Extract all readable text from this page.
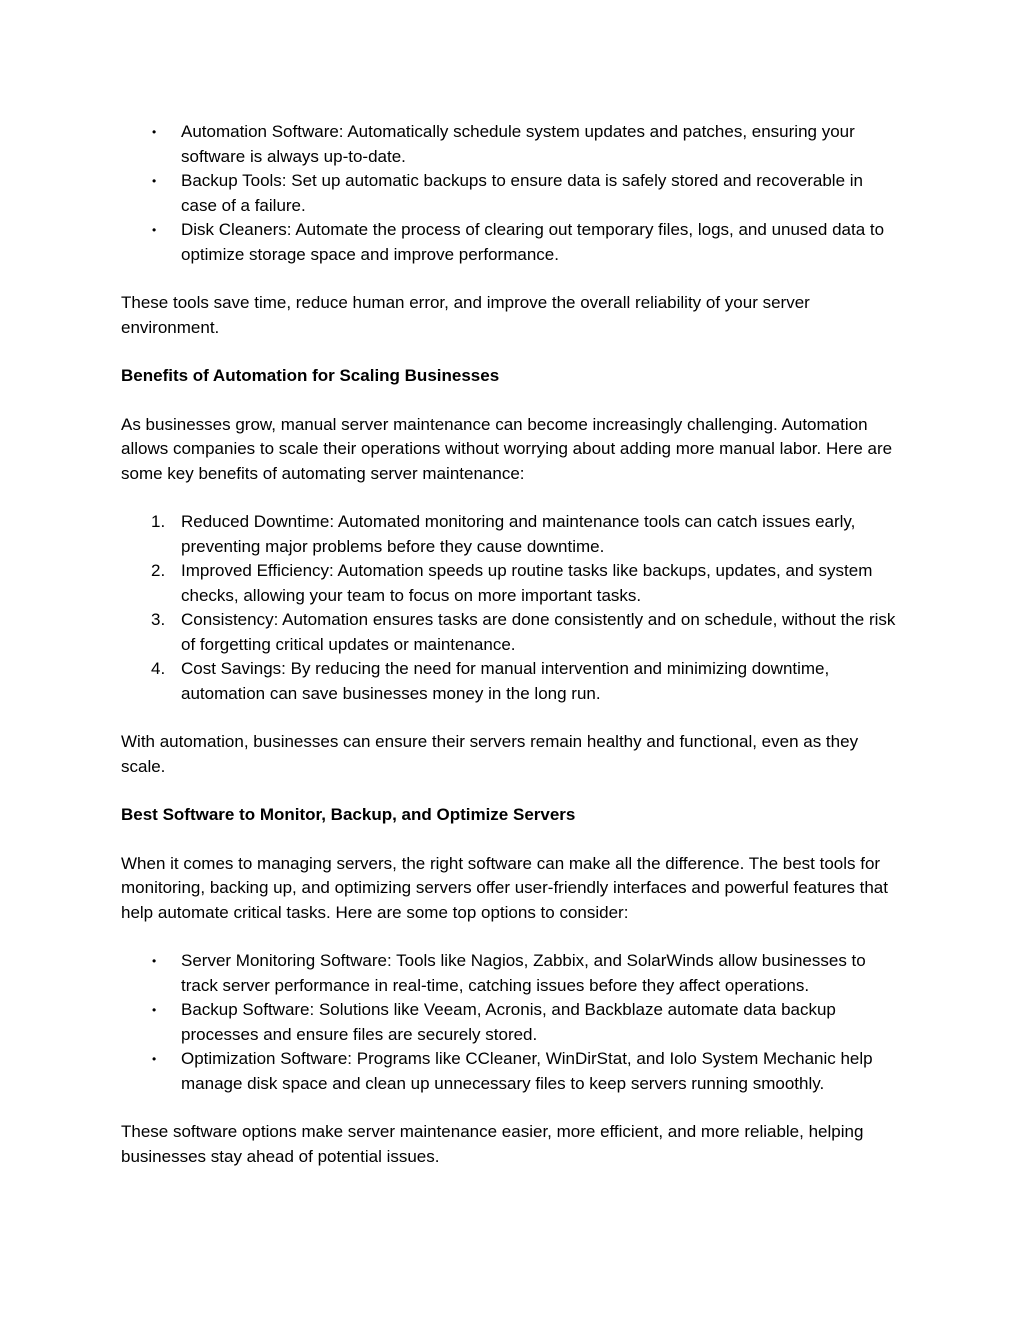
• Automation Software: Automatically schedule system updates and patches, ensuring your software is always up-to-date.
• Backup Tools: Set up automatic backups to ensure data is safely stored and recoverable in case of a failure.
• Disk Cleaners: Automate the process of clearing out temporary files, logs, and unused data to optimize storage space and improve performance.

These tools save time, reduce human error, and improve the overall reliability of your server environment.

Benefits of Automation for Scaling Businesses

As businesses grow, manual server maintenance can become increasingly challenging. Automation allows companies to scale their operations without worrying about adding more manual labor. Here are some key benefits of automating server maintenance:

1. Reduced Downtime: Automated monitoring and maintenance tools can catch issues early, preventing major problems before they cause downtime.
2. Improved Efficiency: Automation speeds up routine tasks like backups, updates, and system checks, allowing your team to focus on more important tasks.
3. Consistency: Automation ensures tasks are done consistently and on schedule, without the risk of forgetting critical updates or maintenance.
4. Cost Savings: By reducing the need for manual intervention and minimizing downtime, automation can save businesses money in the long run.

With automation, businesses can ensure their servers remain healthy and functional, even as they scale.

Best Software to Monitor, Backup, and Optimize Servers

When it comes to managing servers, the right software can make all the difference. The best tools for monitoring, backing up, and optimizing servers offer user-friendly interfaces and powerful features that help automate critical tasks. Here are some top options to consider:

• Server Monitoring Software: Tools like Nagios, Zabbix, and SolarWinds allow businesses to track server performance in real-time, catching issues before they affect operations.
• Backup Software: Solutions like Veeam, Acronis, and Backblaze automate data backup processes and ensure files are securely stored.
• Optimization Software: Programs like CCleaner, WinDirStat, and Iolo System Mechanic help manage disk space and clean up unnecessary files to keep servers running smoothly.

These software options make server maintenance easier, more efficient, and more reliable, helping businesses stay ahead of potential issues.
